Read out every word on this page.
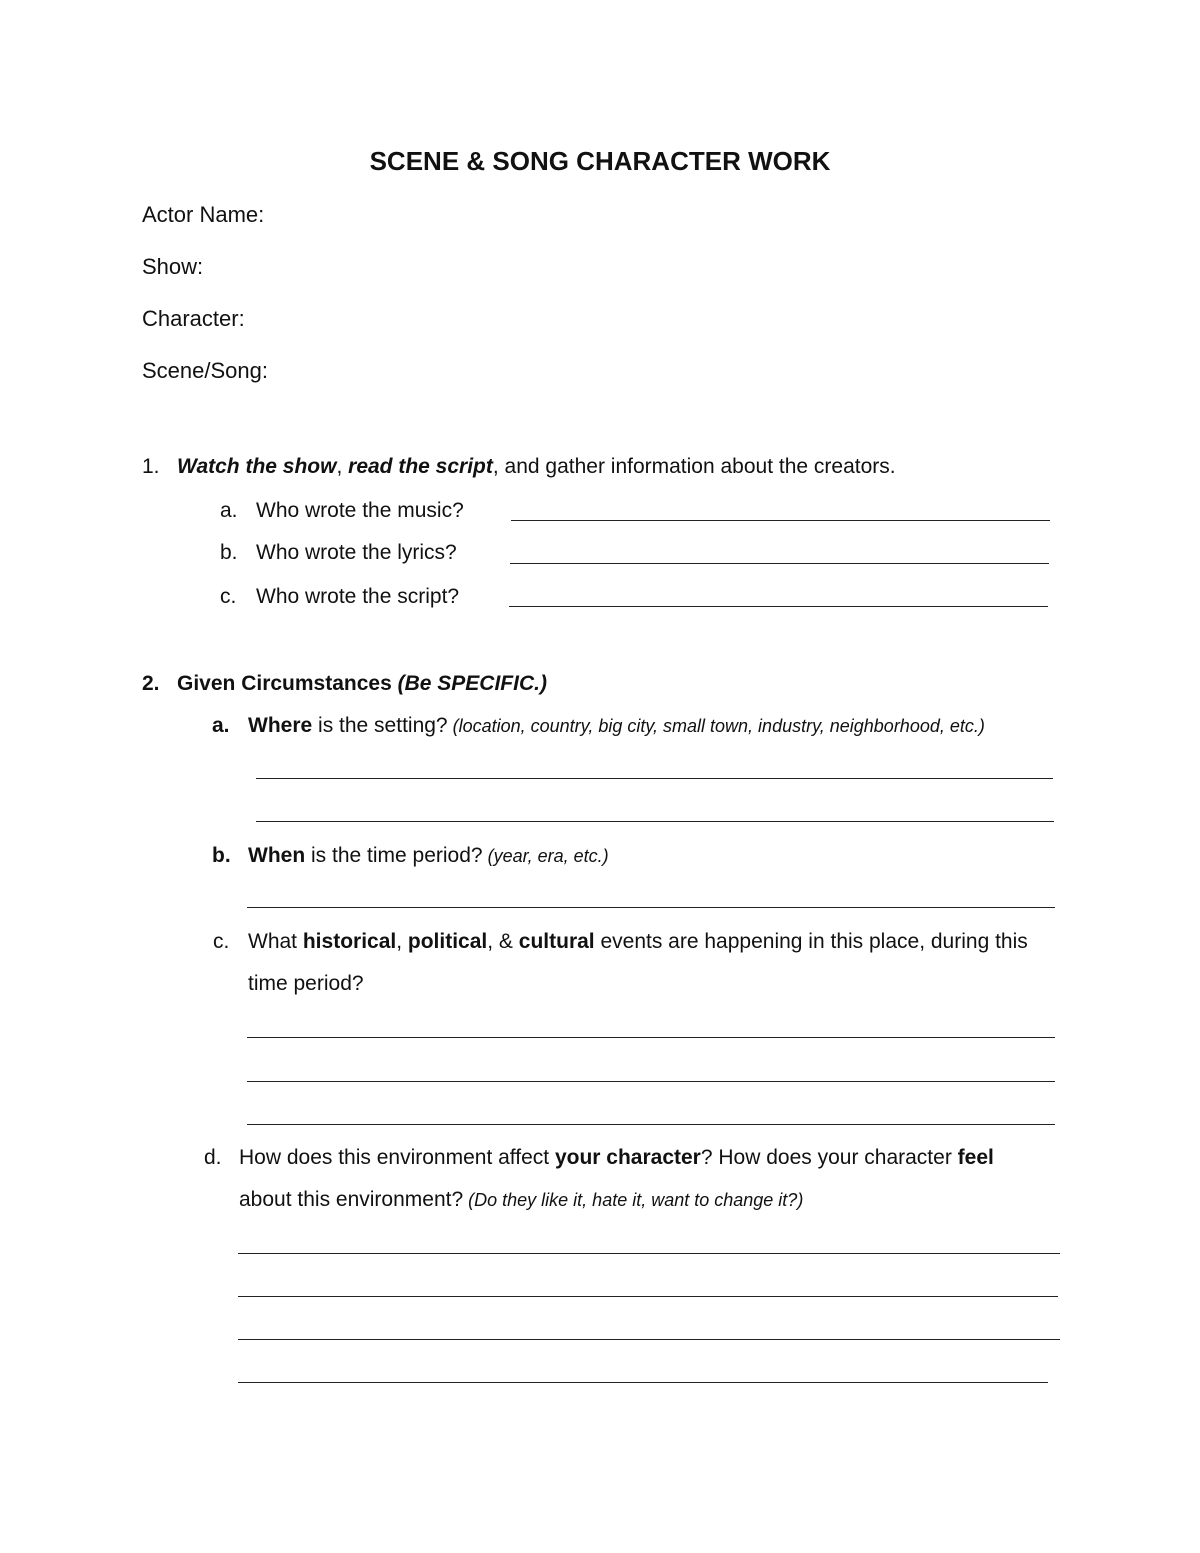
SCENE & SONG CHARACTER WORK
Actor Name:
Show:
Character:
Scene/Song:
1. Watch the show, read the script, and gather information about the creators.
a. Who wrote the music?
b. Who wrote the lyrics?
c. Who wrote the script?
2. Given Circumstances (Be SPECIFIC.)
a. Where is the setting? (location, country, big city, small town, industry, neighborhood, etc.)
b. When is the time period? (year, era, etc.)
c. What historical, political, & cultural events are happening in this place, during this
time period?
d. How does this environment affect your character? How does your character feel
about this environment? (Do they like it, hate it, want to change it?)
